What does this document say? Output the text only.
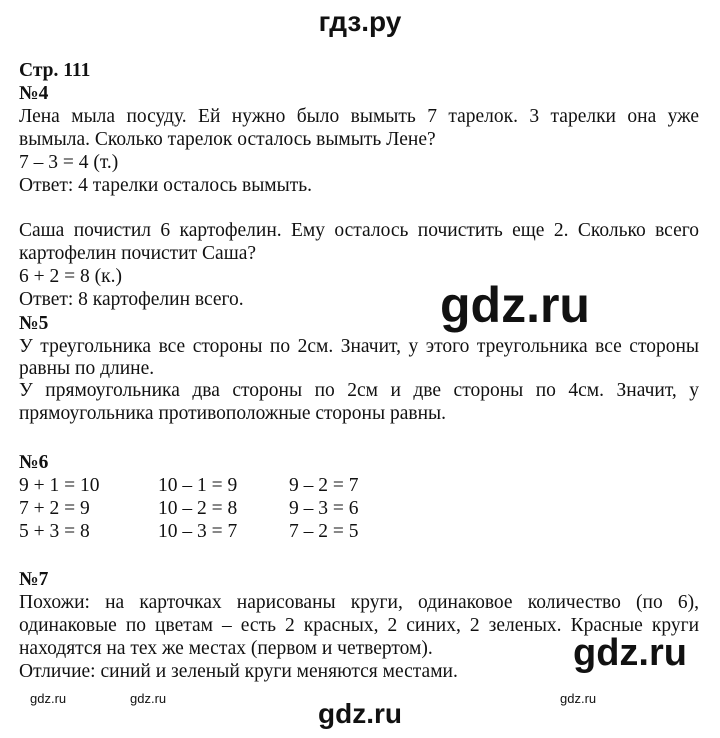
гдз.ру
Стр. 111
№4
Лена мыла посуду. Ей нужно было вымыть 7 тарелок. 3 тарелки она уже
вымыла. Сколько тарелок осталось вымыть Лене?
7 – 3 = 4 (т.)
Ответ: 4 тарелки осталось вымыть.
Саша почистил 6 картофелин. Ему осталось почистить еще 2. Сколько всего
картофелин почистит Саша?
6 + 2 = 8 (к.)
Ответ: 8 картофелин всего.	gdz.ru
№5
У треугольника все стороны по 2см. Значит, у этого треугольника все стороны
равны по длине.
У прямоугольника два стороны по 2см и две стороны по 4см. Значит, у
прямоугольника противоположные стороны равны.
№6
9 + 1 = 10	10 – 1 = 9	9 – 2 = 7
7 + 2 = 9	10 – 2 = 8	9 – 3 = 6
5 + 3 = 8	10 – 3 = 7	7 – 2 = 5
№7
Похожи: на карточках нарисованы круги, одинаковое количество (по 6),
одинаковые по цветам – есть 2 красных, 2 синих, 2 зеленых. Красные круги
находятся на тех же местах (первом и четвертом).
Отличие: синий и зеленый круги меняются местами.
gdz.ru	gdz.ru	gdz.ru
gdz.ru
gdz.ru
